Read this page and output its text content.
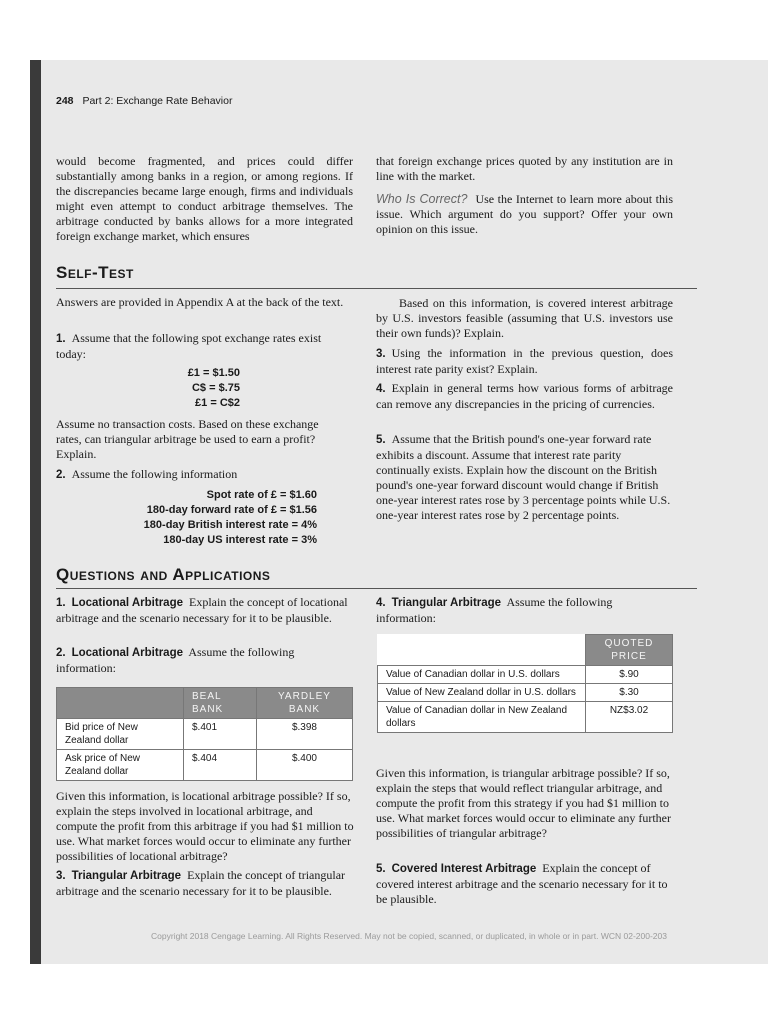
248 Part 2: Exchange Rate Behavior
would become fragmented, and prices could differ substantially among banks in a region, or among regions. If the discrepancies became large enough, firms and individuals might even attempt to conduct arbitrage themselves. The arbitrage conducted by banks allows for a more integrated foreign exchange market, which ensures
that foreign exchange prices quoted by any institution are in line with the market.
Who Is Correct? Use the Internet to learn more about this issue. Which argument do you support? Offer your own opinion on this issue.
Self-Test
Answers are provided in Appendix A at the back of the text.
1. Assume that the following spot exchange rates exist today:
£1 = $1.50
C$ = $.75
£1 = C$2
Assume no transaction costs. Based on these exchange rates, can triangular arbitrage be used to earn a profit? Explain.
2. Assume the following information
Spot rate of £ = $1.60
180-day forward rate of £ = $1.56
180-day British interest rate = 4%
180-day US interest rate = 3%
Based on this information, is covered interest arbitrage by U.S. investors feasible (assuming that U.S. investors use their own funds)? Explain.
3. Using the information in the previous question, does interest rate parity exist? Explain.
4. Explain in general terms how various forms of arbitrage can remove any discrepancies in the pricing of currencies.
5. Assume that the British pound's one-year forward rate exhibits a discount. Assume that interest rate parity continually exists. Explain how the discount on the British pound's one-year forward discount would change if British one-year interest rates rose by 3 percentage points while U.S. one-year interest rates rose by 2 percentage points.
Questions and Applications
1. Locational Arbitrage Explain the concept of locational arbitrage and the scenario necessary for it to be plausible.
2. Locational Arbitrage Assume the following information:
	BEAL BANK	YARDLEY BANK
Bid price of New Zealand dollar	$.401	$.398
Ask price of New Zealand dollar	$.404	$.400
Given this information, is locational arbitrage possible? If so, explain the steps involved in locational arbitrage, and compute the profit from this arbitrage if you had $1 million to use. What market forces would occur to eliminate any further possibilities of locational arbitrage?
3. Triangular Arbitrage Explain the concept of triangular arbitrage and the scenario necessary for it to be plausible.
4. Triangular Arbitrage Assume the following information:
	QUOTED PRICE
Value of Canadian dollar in U.S. dollars	$.90
Value of New Zealand dollar in U.S. dollars	$.30
Value of Canadian dollar in New Zealand dollars	NZ$3.02
Given this information, is triangular arbitrage possible? If so, explain the steps that would reflect triangular arbitrage, and compute the profit from this strategy if you had $1 million to use. What market forces would occur to eliminate any further possibilities of triangular arbitrage?
5. Covered Interest Arbitrage Explain the concept of covered interest arbitrage and the scenario necessary for it to be plausible.
Copyright 2018 Cengage Learning. All Rights Reserved. May not be copied, scanned, or duplicated, in whole or in part. WCN 02-200-203
